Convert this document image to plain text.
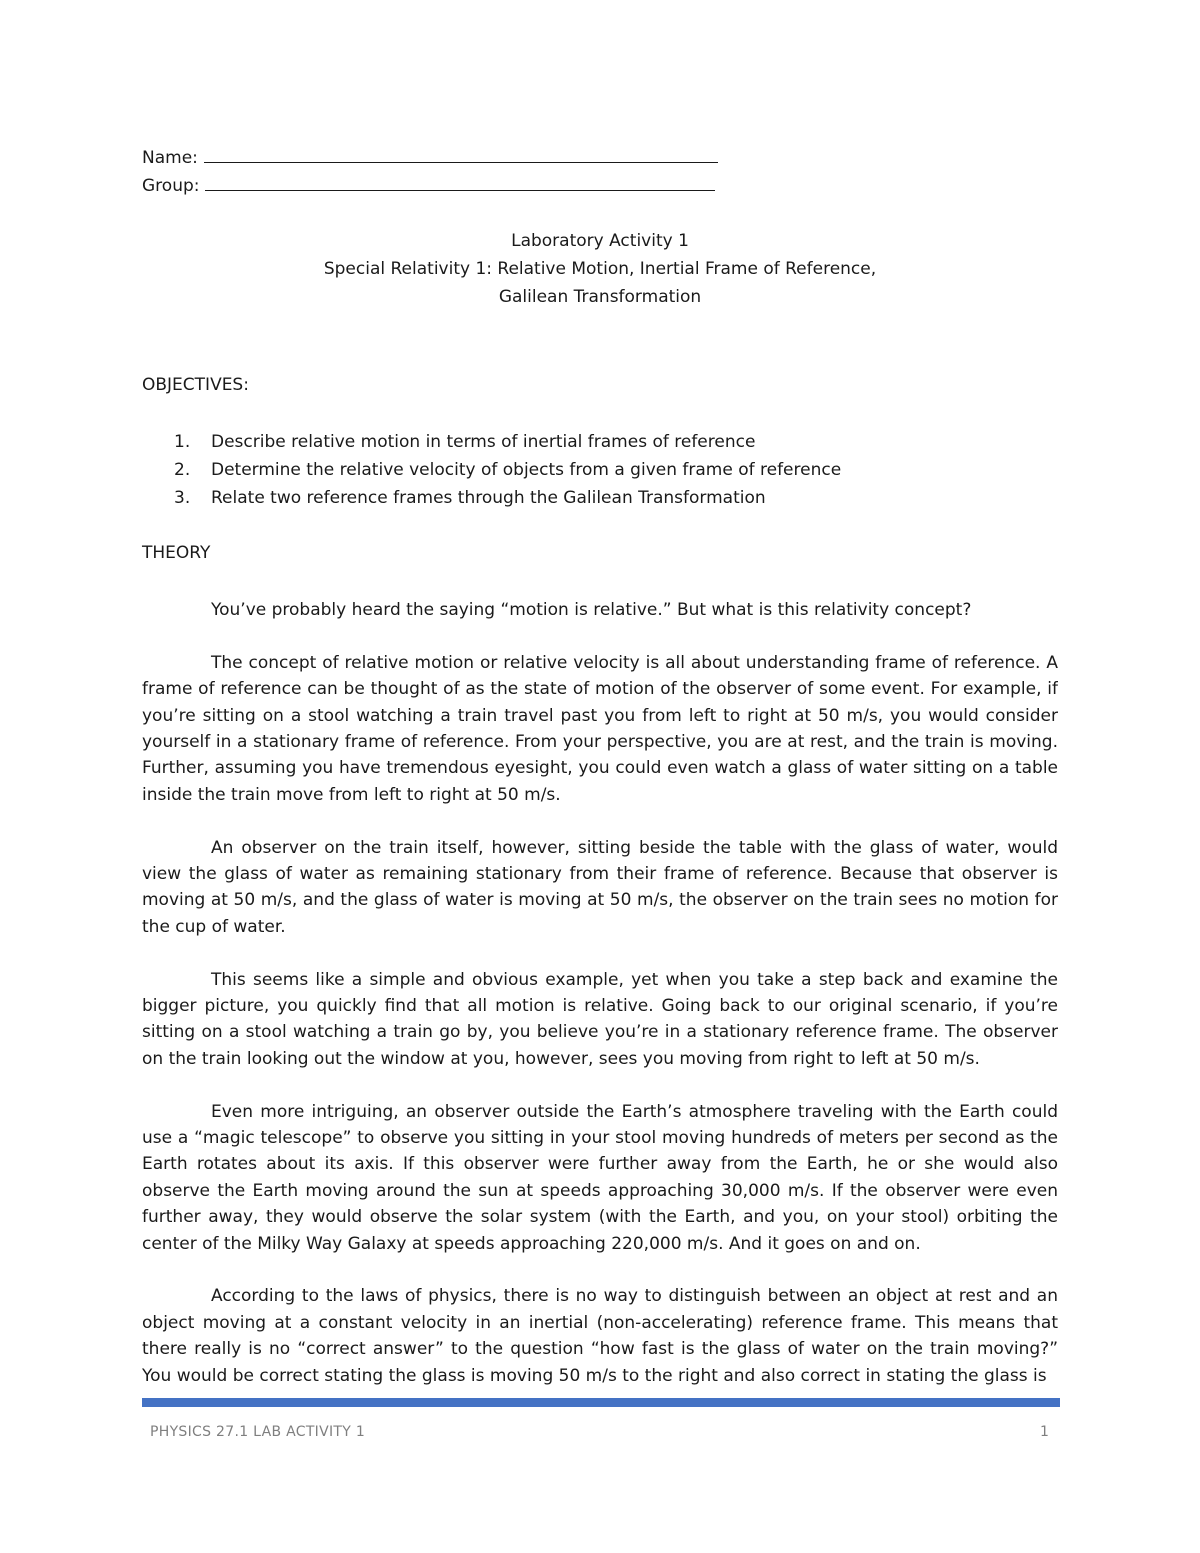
Name:
Group:
Laboratory Activity 1
Special Relativity 1: Relative Motion, Inertial Frame of Reference,
Galilean Transformation
OBJECTIVES:
1. Describe relative motion in terms of inertial frames of reference
2. Determine the relative velocity of objects from a given frame of reference
3. Relate two reference frames through the Galilean Transformation
THEORY

You’ve probably heard the saying “motion is relative.” But what is this relativity concept?

The concept of relative motion or relative velocity is all about understanding frame of reference. A frame of reference can be thought of as the state of motion of the observer of some event. For example, if you’re sitting on a stool watching a train travel past you from left to right at 50 m/s, you would consider yourself in a stationary frame of reference. From your perspective, you are at rest, and the train is moving. Further, assuming you have tremendous eyesight, you could even watch a glass of water sitting on a table inside the train move from left to right at 50 m/s.

An observer on the train itself, however, sitting beside the table with the glass of water, would view the glass of water as remaining stationary from their frame of reference. Because that observer is moving at 50 m/s, and the glass of water is moving at 50 m/s, the observer on the train sees no motion for the cup of water.

This seems like a simple and obvious example, yet when you take a step back and examine the bigger picture, you quickly find that all motion is relative. Going back to our original scenario, if you’re sitting on a stool watching a train go by, you believe you’re in a stationary reference frame. The observer on the train looking out the window at you, however, sees you moving from right to left at 50 m/s.

Even more intriguing, an observer outside the Earth’s atmosphere traveling with the Earth could use a “magic telescope” to observe you sitting in your stool moving hundreds of meters per second as the Earth rotates about its axis. If this observer were further away from the Earth, he or she would also observe the Earth moving around the sun at speeds approaching 30,000 m/s. If the observer were even further away, they would observe the solar system (with the Earth, and you, on your stool) orbiting the center of the Milky Way Galaxy at speeds approaching 220,000 m/s. And it goes on and on.

According to the laws of physics, there is no way to distinguish between an object at rest and an object moving at a constant velocity in an inertial (non-accelerating) reference frame. This means that there really is no “correct answer” to the question “how fast is the glass of water on the train moving?” You would be correct stating the glass is moving 50 m/s to the right and also correct in stating the glass is

PHYSICS 27.1 LAB ACTIVITY 1	1
